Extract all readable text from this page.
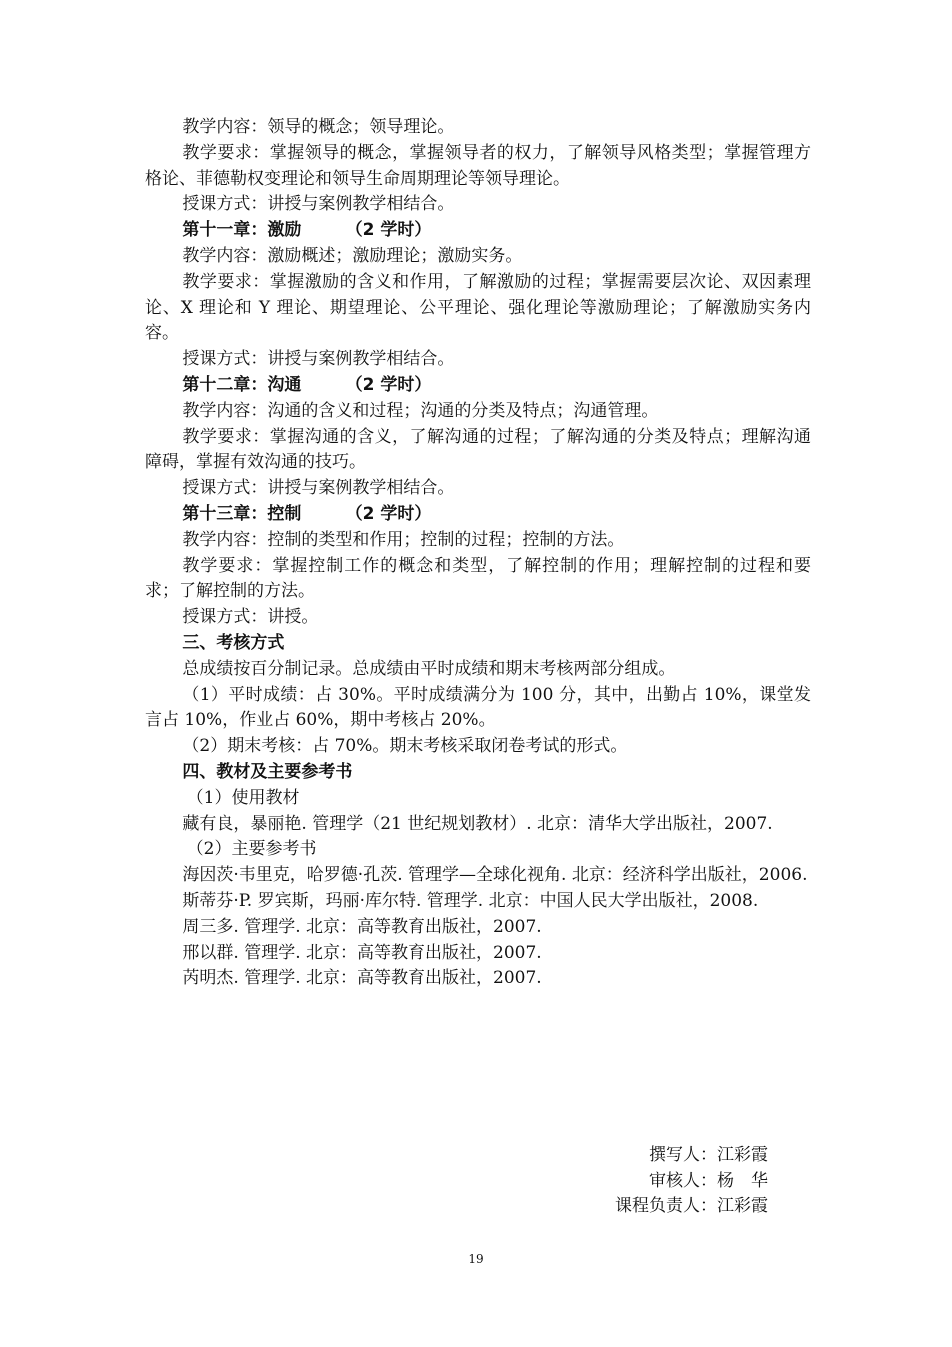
教学内容：领导的概念；领导理论。

教学要求：掌握领导的概念，掌握领导者的权力，了解领导风格类型；掌握管理方格论、菲德勒权变理论和领导生命周期理论等领导理论。

授课方式：讲授与案例教学相结合。

第十一章：激励	（2 学时）

教学内容：激励概述；激励理论；激励实务。

教学要求：掌握激励的含义和作用，了解激励的过程；掌握需要层次论、双因素理论、X 理论和 Y 理论、期望理论、公平理论、强化理论等激励理论；了解激励实务内容。

授课方式：讲授与案例教学相结合。

第十二章：沟通	（2 学时）

教学内容：沟通的含义和过程；沟通的分类及特点；沟通管理。

教学要求：掌握沟通的含义，了解沟通的过程；了解沟通的分类及特点；理解沟通障碍，掌握有效沟通的技巧。

授课方式：讲授与案例教学相结合。

第十三章：控制	（2 学时）

教学内容：控制的类型和作用；控制的过程；控制的方法。

教学要求：掌握控制工作的概念和类型，了解控制的作用；理解控制的过程和要求；了解控制的方法。

授课方式：讲授。

三、考核方式

总成绩按百分制记录。总成绩由平时成绩和期末考核两部分组成。

（1）平时成绩：占 30%。平时成绩满分为 100 分，其中，出勤占 10%，课堂发言占 10%，作业占 60%，期中考核占 20%。

（2）期末考核：占 70%。期末考核采取闭卷考试的形式。

四、教材及主要参考书

（1）使用教材

藏有良，暴丽艳. 管理学（21 世纪规划教材）. 北京：清华大学出版社，2007.

（2）主要参考书

海因茨·韦里克，哈罗德·孔茨. 管理学—全球化视角. 北京：经济科学出版社，2006.

斯蒂芬·P. 罗宾斯，玛丽·库尔特. 管理学. 北京：中国人民大学出版社，2008.

周三多. 管理学. 北京：高等教育出版社，2007.

邢以群. 管理学. 北京：高等教育出版社，2007.

芮明杰. 管理学. 北京：高等教育出版社，2007.

撰写人：江彩霞
审核人：杨　华
课程负责人：江彩霞
19
